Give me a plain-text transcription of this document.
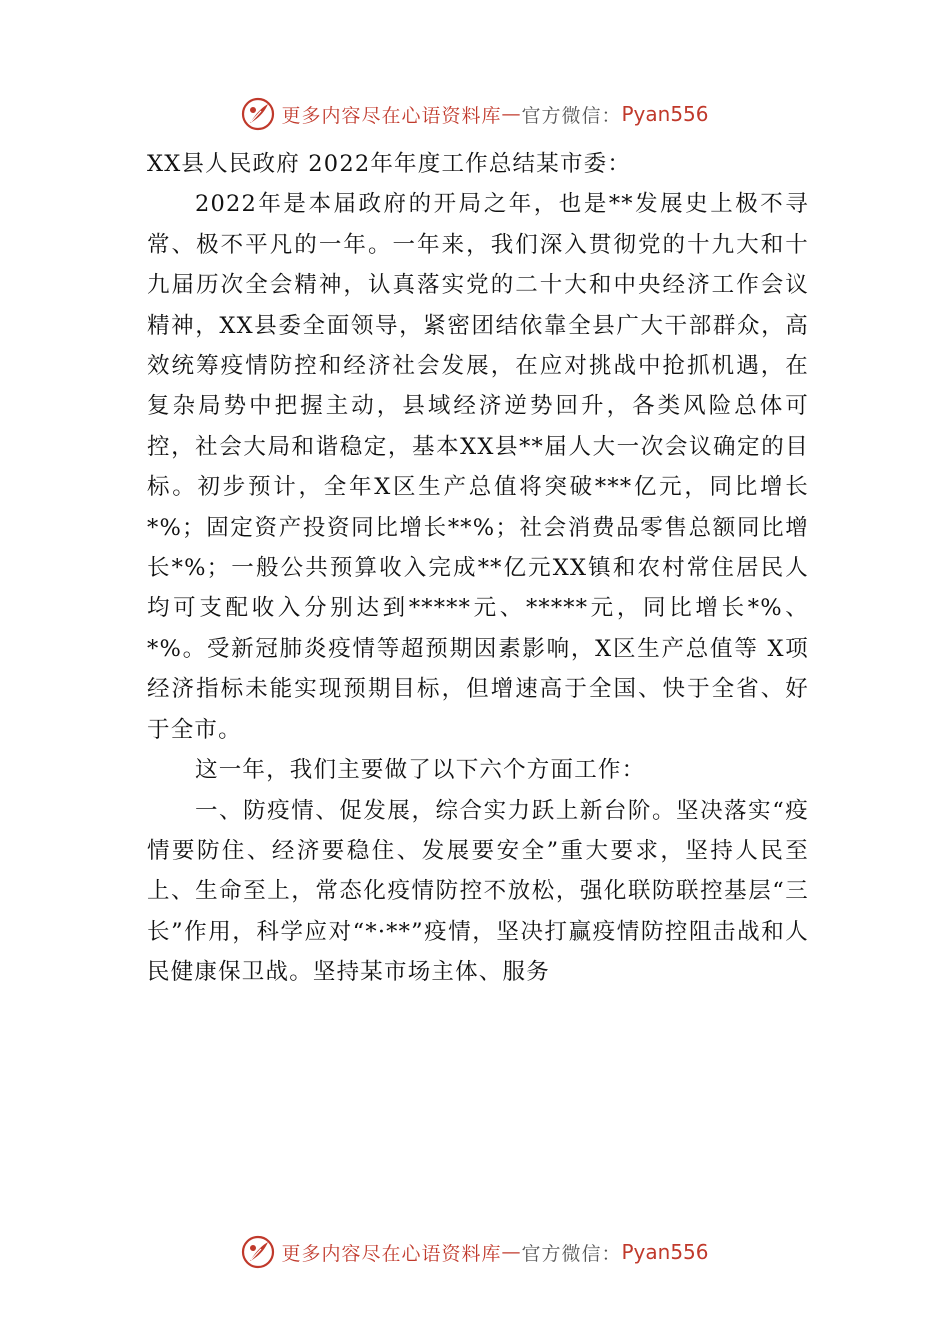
更多内容尽在心语资料库 — 官方微信： Pyan556

XX县人民政府 2022年年度工作总结某市委：

2022年是本届政府的开局之年，也是**发展史上极不寻常、极不平凡的一年。一年来，我们深入贯彻党的十九大和十九届历次全会精神，认真落实党的二十大和中央经济工作会议精神，XX县委全面领导，紧密团结依靠全县广大干部群众，高效统筹疫情防控和经济社会发展，在应对挑战中抢抓机遇，在复杂局势中把握主动，县域经济逆势回升，各类风险总体可控，社会大局和谐稳定，基本XX县**届人大一次会议确定的目标。初步预计，全年X区生产总值将突破***亿元，同比增长*%；固定资产投资同比增长**%；社会消费品零售总额同比增长*%；一般公共预算收入完成**亿元XX镇和农村常住居民人均可支配收入分别达到*****元、*****元，同比增长*%、*%。受新冠肺炎疫情等超预期因素影响，X区生产总值等 X项经济指标未能实现预期目标，但增速高于全国、快于全省、好于全市。

这一年，我们主要做了以下六个方面工作：

一、防疫情、促发展，综合实力跃上新台阶。坚决落实“疫情要防住、经济要稳住、发展要安全”重大要求，坚持人民至上、生命至上，常态化疫情防控不放松，强化联防联控基层“三长”作用，科学应对“*·**”疫情，坚决打赢疫情防控阻击战和人民健康保卫战。坚持某市场主体、服务

更多内容尽在心语资料库 — 官方微信： Pyan556
